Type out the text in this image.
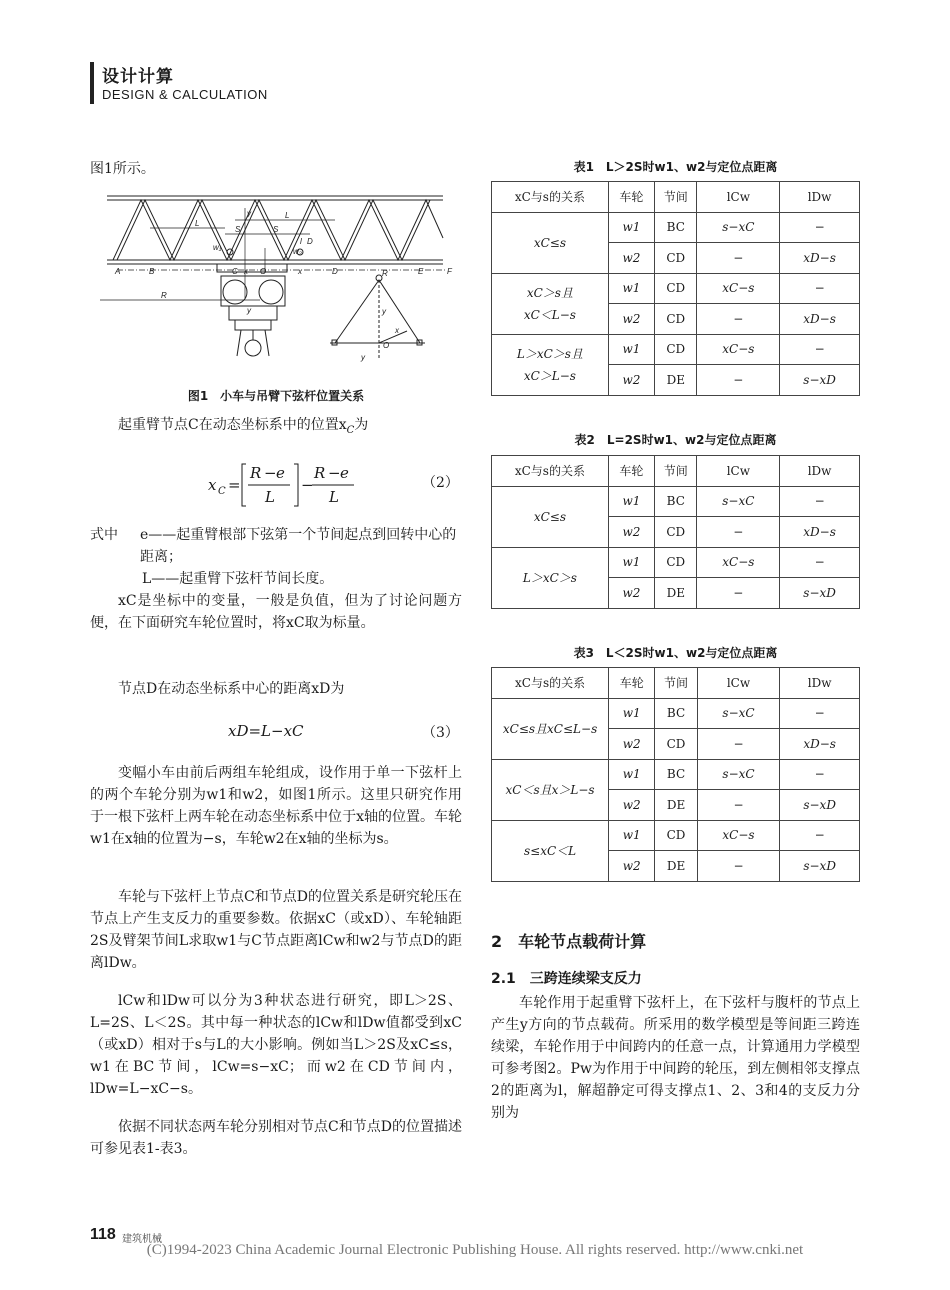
设计计算
DESIGN & CALCULATION

图1所示。

y
L
S	S
L
w₁	w₂
l D
A	B	C x O	x	D	E	F
R
y	y
x
O
y
R
图1　小车与吊臂下弦杆位置关系

起重臂节点C在动态坐标系中的位置$x_C$为

x C =
R − e
L
−
R − e
L
（2）
式中	e——起重臂根部下弦第一个节间起点到回转中心的距离；
L——起重臂下弦杆节间长度。

xC是坐标中的变量，一般是负值，但为了讨论问题方便，在下面研究车轮位置时，将xC取为标量。

节点D在动态坐标系中心的距离xD为

xD=L−xC	（3）

变幅小车由前后两组车轮组成，设作用于单一下弦杆上的两个车轮分别为w1和w2，如图1所示。这里只研究作用于一根下弦杆上两车轮在动态坐标系中位于x轴的位置。车轮w1在x轴的位置为−s，车轮w2在x轴的坐标为s。

车轮与下弦杆上节点C和节点D的位置关系是研究轮压在节点上产生支反力的重要参数。依据xC（或xD）、车轮轴距2S及臂架节间L求取w1与C节点距离lCw和w2与节点D的距离lDw。

lCw和lDw可以分为3种状态进行研究，即L＞2S、L=2S、L＜2S。其中每一种状态的lCw和lDw值都受到xC（或xD）相对于s与L的大小影响。例如当L＞2S及xC≤s，w1在BC节间，lCw=s−xC；而w2在CD节间内，lDw=L−xC−s。

依据不同状态两车轮分别相对节点C和节点D的位置描述可参见表1-表3。

表1　L＞2S时w1、w2与定位点距离
xC与s的关系	车轮	节间	lCw	lDw
xC≤s	w1	BC	s−xC	−
	w2	CD	−	xD−s
xC＞s且
xC＜L−s	w1	CD	xC−s	−
	w2	CD	−	xD−s
L＞xC＞s且
xC＞L−s	w1	CD	xC−s	−
	w2	DE	−	s−xD
表2　L=2S时w1、w2与定位点距离
xC与s的关系	车轮	节间	lCw	lDw
xC≤s	w1	BC	s−xC	−
	w2	CD	−	xD−s
L＞xC＞s	w1	CD	xC−s	−
	w2	DE	−	s−xD
表3　L＜2S时w1、w2与定位点距离
xC与s的关系	车轮	节间	lCw	lDw
xC≤s且xC≤L−s	w1	BC	s−xC	−
	w2	CD	−	xD−s
xC＜s且x＞L−s	w1	BC	s−xC	−
	w2	DE	−	s−xD
s≤xC＜L	w1	CD	xC−s	−
	w2	DE	−	s−xD
2　车轮节点载荷计算
2.1　三跨连续梁支反力

车轮作用于起重臂下弦杆上，在下弦杆与腹杆的节点上产生y方向的节点载荷。所采用的数学模型是等间距三跨连续梁，车轮作用于中间跨内的任意一点，计算通用力学模型可参考图2。Pw为作用于中间跨的轮压，到左侧相邻支撑点2的距离为l，解超静定可得支撑点1、2、3和4的支反力分别为

118 建筑机械
(C)1994-2023 China Academic Journal Electronic Publishing House. All rights reserved. http://www.cnki.net
